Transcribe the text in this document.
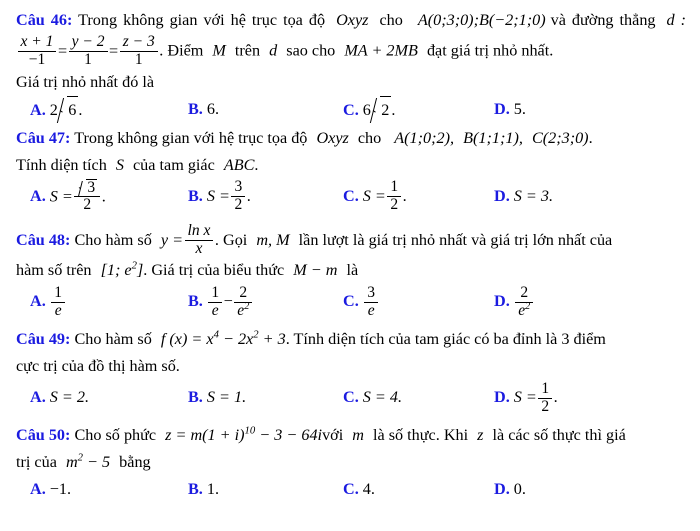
Câu 46: Trong không gian với hệ trục tọa độ Oxyz cho A(0;3;0);B(−2;1;0) và đường thẳng d :
$\frac{x + 1}{-1} = \frac{y - 2}{1} = \frac{z - 3}{1}$ . Điểm M trên d sao cho MA + 2MB đạt giá trị nhỏ nhất.
Giá trị nhỏ nhất đó là
A. 2 6 .	B. 6.	C. 6 2 .	D. 5.
Câu 47: Trong không gian với hệ trục tọa độ Oxyz cho A(1;0;2), B(1;1;1), C(2;3;0).
Tính diện tích S của tam giác ABC.
A. $S = \frac{3}{2}$ .	B. $S = \frac{3}{2}$ .	C. $S = \frac{1}{2}$ .	D. S = 3.
Câu 48: Cho hàm số $y = \frac{\text{ln x}}{x}$ . Gọi m, M lần lượt là giá trị nhỏ nhất và giá trị lớn nhất của
hàm số trên [1; $e^2$]. Giá trị của biểu thức M − m là
A. $\frac{1}{e}$	B. $\frac{1}{e} - \frac{2}{e^2}$	C. $\frac{3}{e}$	D. $\frac{2}{e^2}$
Câu 49: Cho hàm số f $(x) = x^4 - 2x^2 + 3$. Tính diện tích của tam giác có ba đỉnh là 3 điểm
cực trị của đồ thị hàm số.
A. S = 2.	B. S = 1.	C. S = 4.	D. $S = \frac{1}{2}$ .
Câu 50: Cho số phức $z = m(1 + i)^{10} - 3$ − 64ivới m là số thực. Khi z là các số thực thì giá
trị của $m^2 - 5$ bằng
A. −1.	B. 1.	C. 4.	D. 0.
